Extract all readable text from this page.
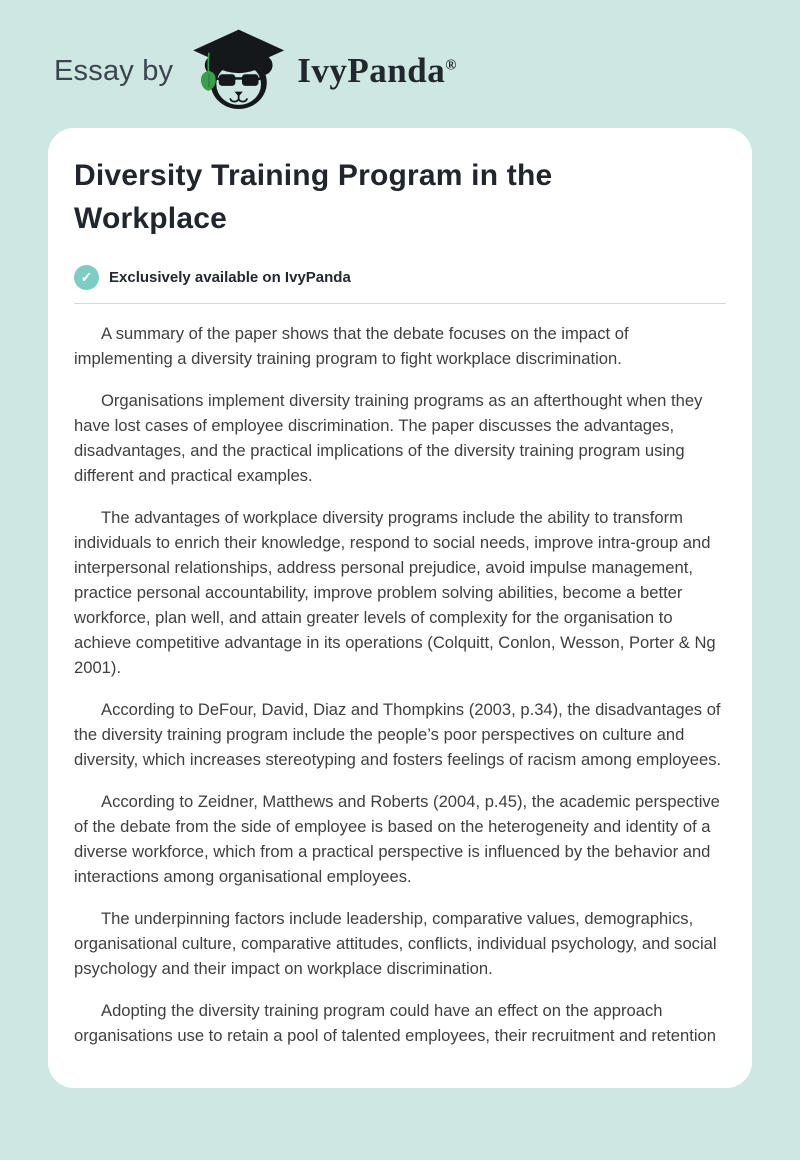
Essay by	IvyPanda®
Diversity Training Program in the Workplace
✓	Exclusively available on IvyPanda

A summary of the paper shows that the debate focuses on the impact of implementing a diversity training program to fight workplace discrimination.

Organisations implement diversity training programs as an afterthought when they have lost cases of employee discrimination. The paper discusses the advantages, disadvantages, and the practical implications of the diversity training program using different and practical examples.

The advantages of workplace diversity programs include the ability to transform individuals to enrich their knowledge, respond to social needs, improve intra-group and interpersonal relationships, address personal prejudice, avoid impulse management, practice personal accountability, improve problem solving abilities, become a better workforce, plan well, and attain greater levels of complexity for the organisation to achieve competitive advantage in its operations (Colquitt, Conlon, Wesson, Porter & Ng 2001).

According to DeFour, David, Diaz and Thompkins (2003, p.34), the disadvantages of the diversity training program include the people’s poor perspectives on culture and diversity, which increases stereotyping and fosters feelings of racism among employees.

According to Zeidner, Matthews and Roberts (2004, p.45), the academic perspective of the debate from the side of employee is based on the heterogeneity and identity of a diverse workforce, which from a practical perspective is influenced by the behavior and interactions among organisational employees.

The underpinning factors include leadership, comparative values, demographics, organisational culture, comparative attitudes, conflicts, individual psychology, and social psychology and their impact on workplace discrimination.

Adopting the diversity training program could have an effect on the approach organisations use to retain a pool of talented employees, their recruitment and retention
